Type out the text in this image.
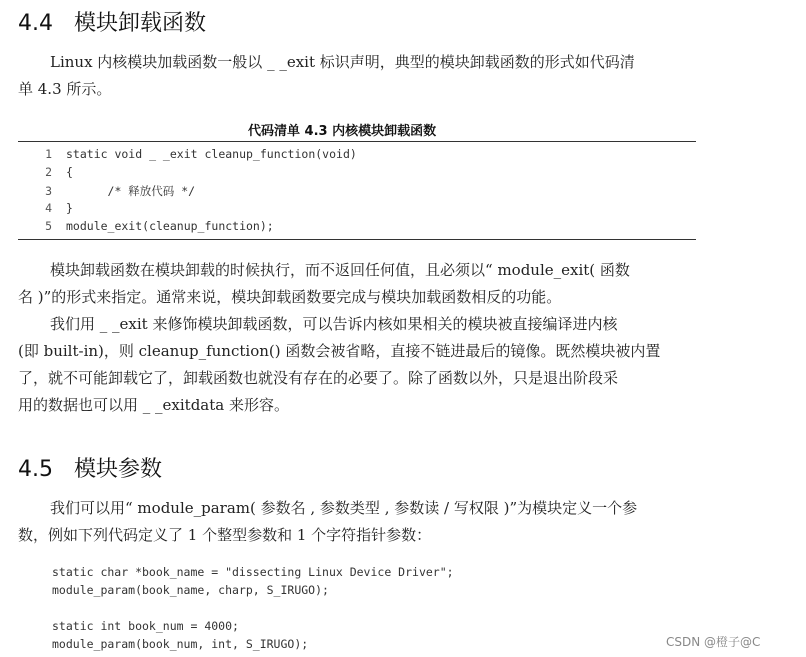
4.4 模块卸载函数

Linux 内核模块加载函数一般以 _ _exit 标识声明，典型的模块卸载函数的形式如代码清

单 4.3 所示。

代码清单 4.3 内核模块卸载函数
1 static void _ _exit cleanup_function(void)
2 {
3      /* 释放代码 */
4 }
5 module_exit(cleanup_function);

模块卸载函数在模块卸载的时候执行，而不返回任何值，且必须以“ module_exit( 函数

名 )”的形式来指定。通常来说，模块卸载函数要完成与模块加载函数相反的功能。

我们用 _ _exit 来修饰模块卸载函数，可以告诉内核如果相关的模块被直接编译进内核

(即 built-in)，则 cleanup_function() 函数会被省略，直接不链进最后的镜像。既然模块被内置

了，就不可能卸载它了，卸载函数也就没有存在的必要了。除了函数以外，只是退出阶段采

用的数据也可以用 _ _exitdata 来形容。

4.5 模块参数

我们可以用“ module_param( 参数名 , 参数类型 , 参数读 / 写权限 )”为模块定义一个参

数，例如下列代码定义了 1 个整型参数和 1 个字符指针参数：

static char *book_name = "dissecting Linux Device Driver";
module_param(book_name, charp, S_IRUGO);
static int book_num = 4000;
module_param(book_num, int, S_IRUGO);	CSDN @橙子@C
